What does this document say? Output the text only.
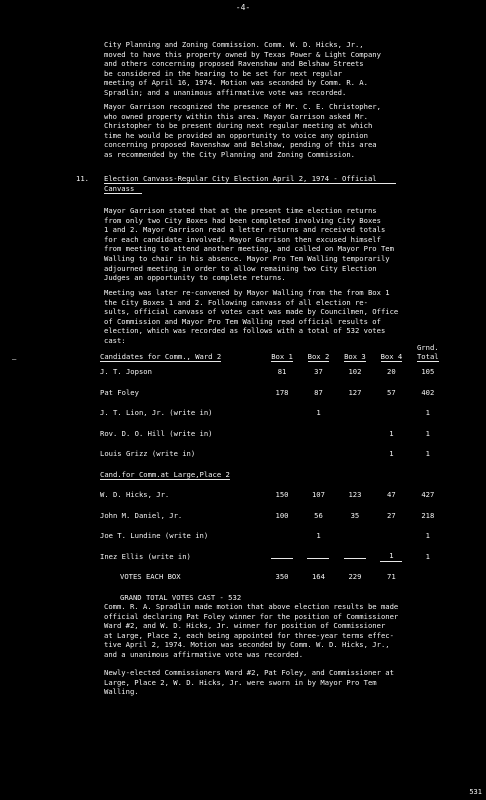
-4-
City Planning and Zoning Commission. Comm. W. D. Hicks, Jr.,
moved to have this property owned by Texas Power & Light Company
and others concerning proposed Ravenshaw and Belshaw Streets
be considered in the hearing to be set for next regular
meeting of April 16, 1974. Motion was seconded by Comm. R. A.
Spradlin; and a unanimous affirmative vote was recorded.
Mayor Garrison recognized the presence of Mr. C. E. Christopher,
who owned property within this area. Mayor Garrison asked Mr.
Christopher to be present during next regular meeting at which
time he would be provided an opportunity to voice any opinion
concerning proposed Ravenshaw and Belshaw, pending of this area
as recommended by the City Planning and Zoning Commission.
11. Election Canvass-Regular City Election April 2, 1974 - Official
Canvass
Mayor Garrison stated that at the present time election returns
from only two City Boxes had been completed involving City Boxes
1 and 2. Mayor Garrison read a letter returns and received totals
for each candidate involved. Mayor Garrison then excused himself
from meeting to attend another meeting, and called on Mayor Pro Tem
Walling to chair in his absence. Mayor Pro Tem Walling temporarily
adjourned meeting in order to allow remaining two City Election
Judges an opportunity to complete returns.
Meeting was later re-convened by Mayor Walling from the from Box 1
the City Boxes 1 and 2. Following canvass of all election re-
sults, official canvass of votes cast was made by Councilmen, Office
of Commission and Mayor Pro Tem Walling read official results of
election, which was recorded as follows with a total of 532 votes
cast:
–	Candidates for Comm., Ward 2	Box 1	Box 2	Box 3	Box 4	Grnd.
Total
J. T. Jopson	81	37	102	20	105
Pat Foley	178	87	127	57	402
J. T. Lion, Jr. (write in)		1			1
Rov. D. O. Hill (write in)				1	1
Louis Grizz (write in)				1	1
Cand.for Comm.at Large,Place 2					
W. D. Hicks, Jr.	150	107	123	47	427
John M. Daniel, Jr.	100	56	35	27	218
Joe T. Lundine (write in)		1			1
Inez Ellis (write in)				1	1
VOTES EACH BOX	350	164	229	71	
GRAND TOTAL VOTES CAST - 532					
Comm. R. A. Spradlin made motion that above election results be made
official declaring Pat Foley winner for the position of Commissioner
Ward #2, and W. D. Hicks, Jr. winner for position of Commissioner
at Large, Place 2, each being appointed for three-year terms effec-
tive April 2, 1974. Motion was seconded by Comm. W. D. Hicks, Jr.,
and a unanimous affirmative vote was recorded.
Newly-elected Commissioners Ward #2, Pat Foley, and Commissioner at
Large, Place 2, W. D. Hicks, Jr. were sworn in by Mayor Pro Tem
Walling.
531
